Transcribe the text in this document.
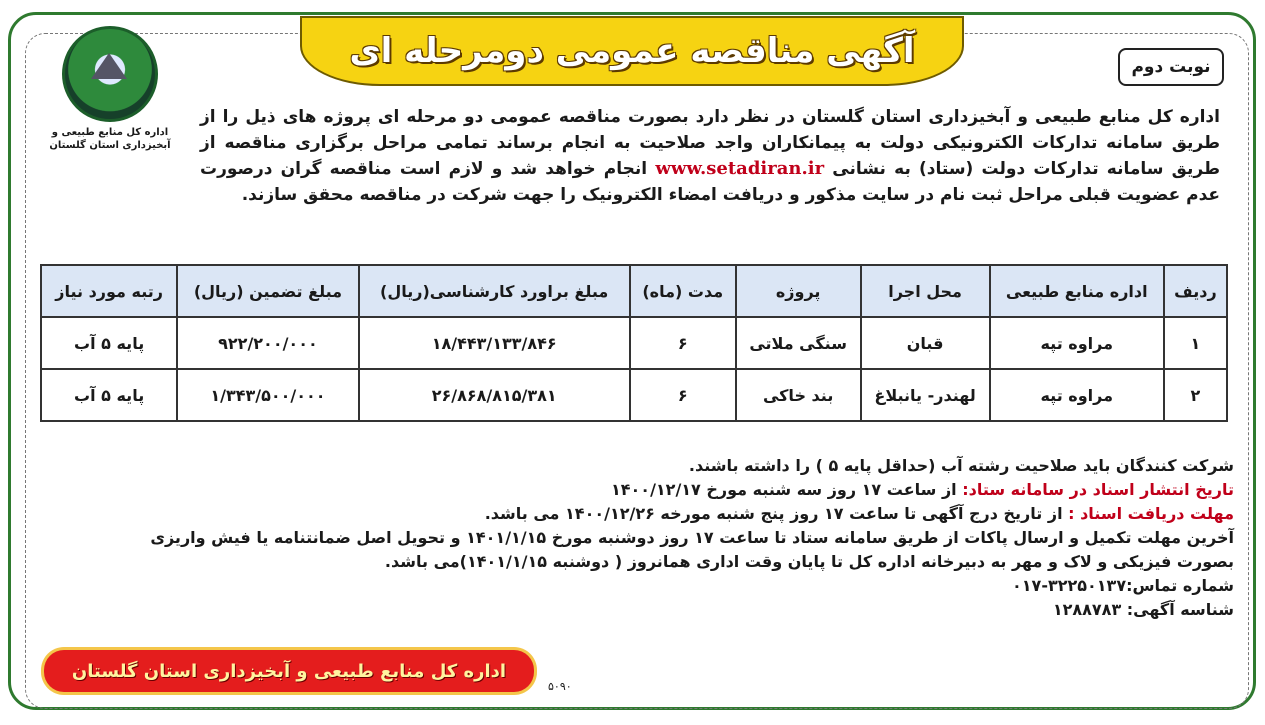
آگهی مناقصه عمومی دومرحله ای	نوبت دوم
اداره کل منابع طبیعی و آبخیزداری استان گلستان
اداره کل منابع طبیعی و آبخیزداری استان گلستان در نظر دارد بصورت مناقصه عمومی دو مرحله ای پروژه های ذیل را از طریق سامانه تدارکات الکترونیکی دولت به پیمانکاران واجد صلاحیت به انجام برساند تمامی مراحل برگزاری مناقصه از طریق سامانه تدارکات دولت (ستاد) به نشانی www.setadiran.ir انجام خواهد شد و لازم است مناقصه گران درصورت عدم عضویت قبلی مراحل ثبت نام در سایت مذکور و دریافت امضاء الکترونیک را جهت شرکت در مناقصه محقق سازند.
ردیف	اداره منابع طبیعی	محل اجرا	پروژه	مدت (ماه)	مبلغ براورد کارشناسی(ریال)	مبلغ تضمین (ریال)	رتبه مورد نیاز
۱	مراوه تپه	قبان	سنگی ملاتی	۶	۱۸/۴۴۳/۱۳۳/۸۴۶	۹۲۲/۲۰۰/۰۰۰	پایه ۵ آب
۲	مراوه تپه	لهندر- یانبلاغ	بند خاکی	۶	۲۶/۸۶۸/۸۱۵/۳۸۱	۱/۳۴۳/۵۰۰/۰۰۰	پایه ۵ آب
شرکت کنندگان باید صلاحیت رشته آب (حداقل پایه ۵ ) را داشته باشند.
تاریخ انتشار اسناد در سامانه ستاد: از ساعت ۱۷ روز سه شنبه مورخ ۱۴۰۰/۱۲/۱۷
مهلت دریافت اسناد : از تاریخ درج آگهی تا ساعت ۱۷ روز پنج شنبه مورخه ۱۴۰۰/۱۲/۲۶ می باشد.
آخرین مهلت تکمیل و ارسال پاکات از طریق سامانه ستاد تا ساعت ۱۷ روز دوشنبه مورخ ۱۴۰۱/۱/۱۵ و تحویل اصل ضمانتنامه یا فیش واریزی
بصورت فیزیکی و لاک و مهر به دبیرخانه اداره کل تا پایان وقت اداری همانروز ( دوشنبه ۱۴۰۱/۱/۱۵)می باشد.
شماره تماس:۳۲۲۵۰۱۳۷-۰۱۷
شناسه آگهی: ۱۲۸۸۷۸۳
اداره کل منابع طبیعی و آبخیزداری استان گلستان
۵۰۹۰
